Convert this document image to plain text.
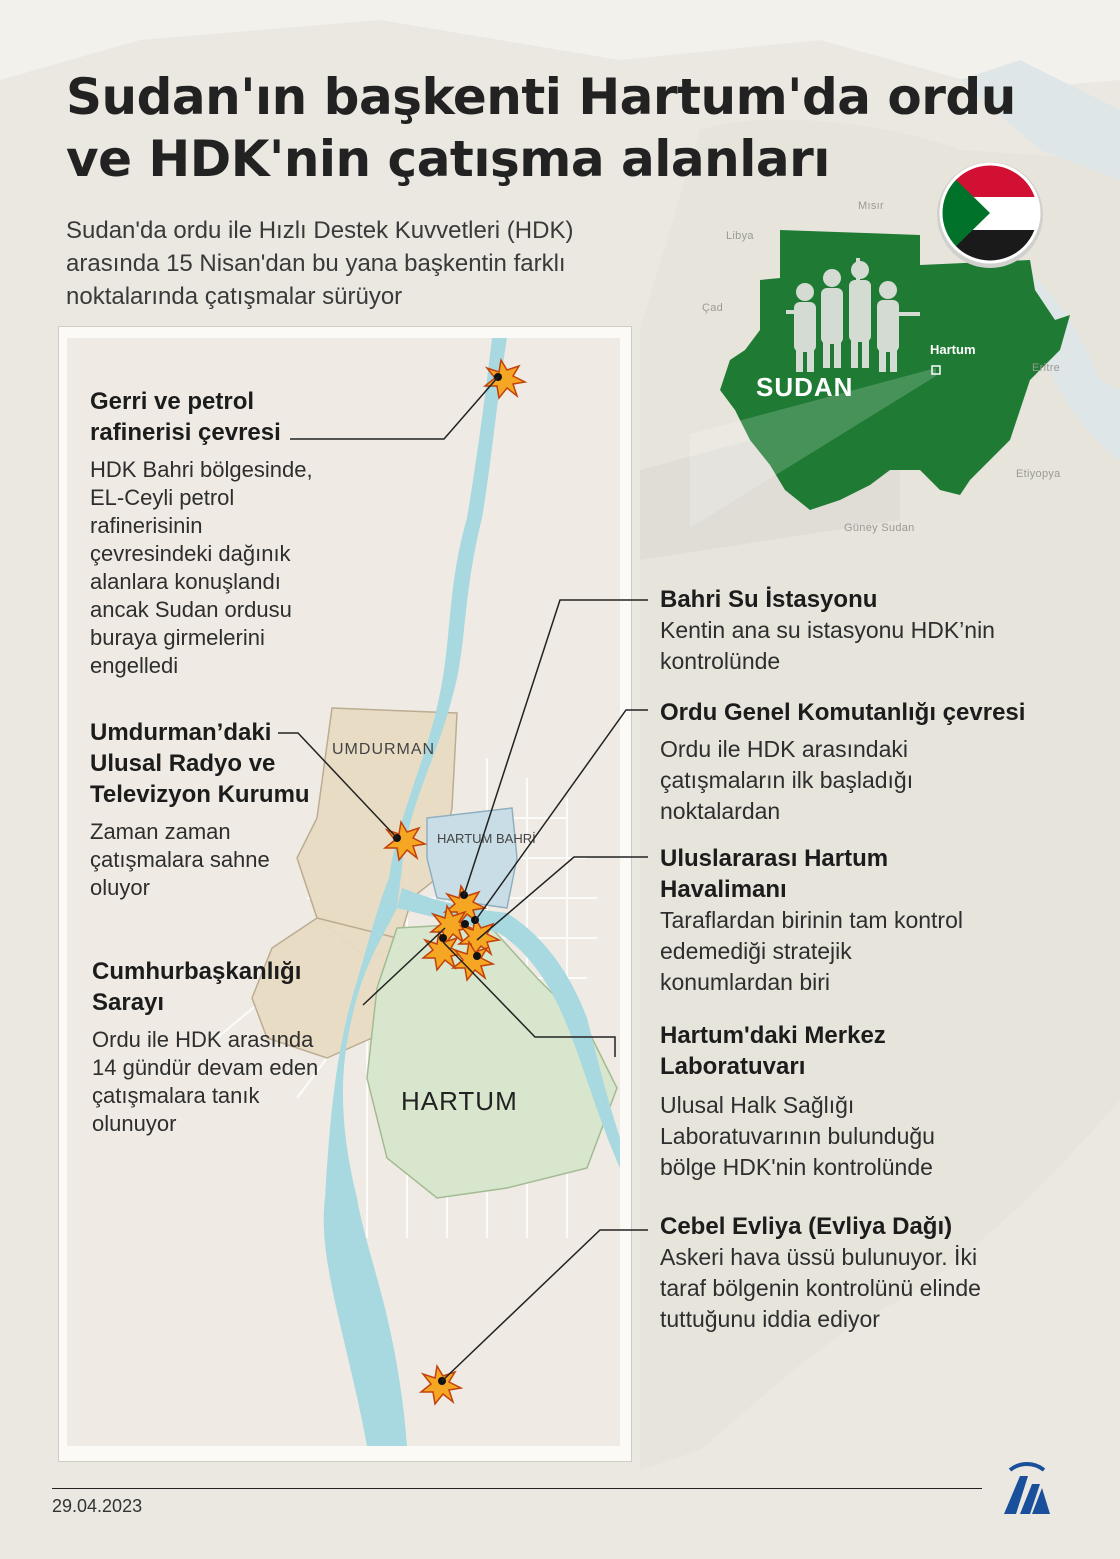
Sudan'ın başkenti Hartum'da ordu ve HDK'nin çatışma alanları

Sudan'da ordu ile Hızlı Destek Kuvvetleri (HDK) arasında 15 Nisan'dan bu yana başkentin farklı noktalarında çatışmalar sürüyor

SUDAN
Hartum
Mısır
Libya
Çad
Eritre
Etiyopya
Güney Sudan
UMDURMAN
HARTUM BAHRİ
HARTUM

Gerri ve petrol rafinerisi çevresi

HDK Bahri bölgesinde, EL-Ceyli petrol rafinerisinin çevresindeki dağınık alanlara konuşlandı ancak Sudan ordusu buraya girmelerini engelledi

Umdurman’daki Ulusal Radyo ve Televizyon Kurumu

Zaman zaman çatışmalara sahne oluyor

Cumhurbaşkanlığı Sarayı

Ordu ile HDK arasında 14 gündür devam eden çatışmalara tanık olunuyor

Bahri Su İstasyonu

Kentin ana su istasyonu HDK’nin kontrolünde

Ordu Genel Komutanlığı çevresi

Ordu ile HDK arasındaki çatışmaların ilk başladığı noktalardan

Uluslararası Hartum Havalimanı

Taraflardan birinin tam kontrol edemediği stratejik konumlardan biri

Hartum'daki Merkez Laboratuvarı

Ulusal Halk Sağlığı Laboratuvarının bulunduğu bölge HDK'nin kontrolünde

Cebel Evliya (Evliya Dağı)

Askeri hava üssü bulunuyor. İki taraf bölgenin kontrolünü elinde tuttuğunu iddia ediyor

29.04.2023
